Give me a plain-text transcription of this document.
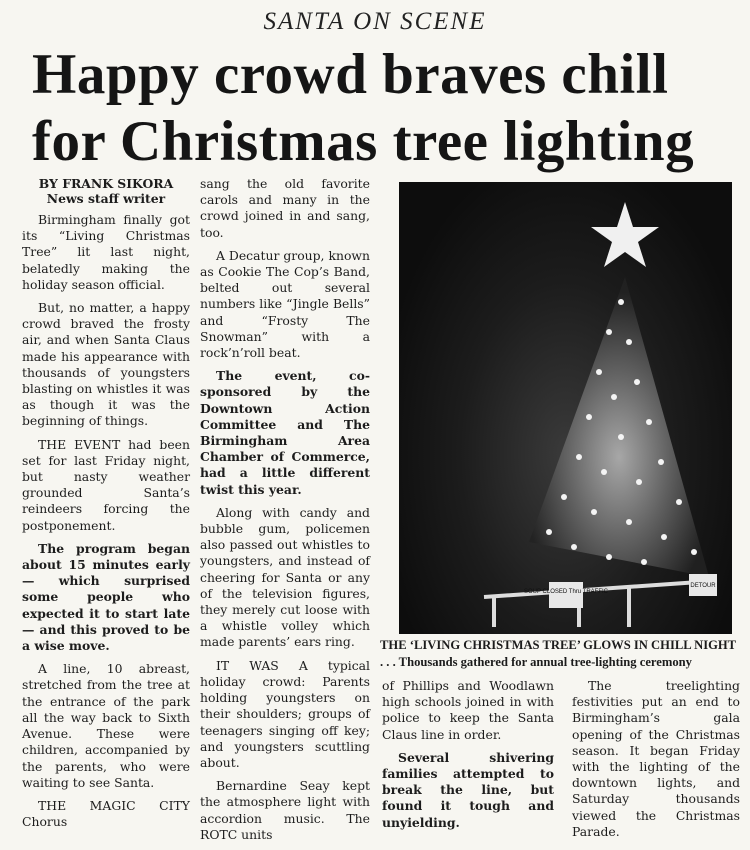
SANTA ON SCENE
Happy crowd braves chill
for Christmas tree lighting
BY FRANK SIKORA
News staff writer

Birmingham finally got its “Living Christmas Tree” lit last night, belatedly making the holiday season official.

But, no matter, a happy crowd braved the frosty air, and when Santa Claus made his appearance with thousands of youngsters blasting on whistles it was as though it was the beginning of things.

THE EVENT had been set for last Friday night, but nasty weather grounded Santa’s reindeers forcing the postponement.

The program began about 15 minutes early — which surprised some people who expected it to start late — and this proved to be a wise move.

A line, 10 abreast, stretched from the tree at the entrance of the park all the way back to Sixth Avenue. These were children, accompanied by the parents, who were waiting to see Santa.

THE MAGIC CITY Chorus

sang the old favorite carols and many in the crowd joined in and sang, too.

A Decatur group, known as Cookie The Cop’s Band, belted out several numbers like “Jingle Bells” and “Frosty The Snowman” with a rock’n’roll beat.

The event, co-sponsored by the Downtown Action Committee and The Birmingham Area Chamber of Commerce, had a little different twist this year.

Along with candy and bubble gum, policemen also passed out whistles to youngsters, and instead of cheering for Santa or any of the television figures, they merely cut loose with a whistle volley which made parents’ ears ring.

IT WAS A typical holiday crowd: Parents holding youngsters on their shoulders; groups of teenagers singing off key; and youngsters scuttling about.

Bernardine Seay kept the atmosphere light with accordion music. The ROTC units

SOUP CLOSED Thru TRAFFIC
DETOUR
THE ‘LIVING CHRISTMAS TREE’ GLOWS IN CHILL NIGHT
. . . Thousands gathered for annual tree-lighting ceremony

of Phillips and Woodlawn high schools joined in with police to keep the Santa Claus line in order.

Several shivering families attempted to break the line, but found it tough and unyielding.

The treelighting festivities put an end to Birmingham’s gala opening of the Christmas season. It began Friday with the lighting of the downtown lights, and Saturday thousands viewed the Christmas Parade.
